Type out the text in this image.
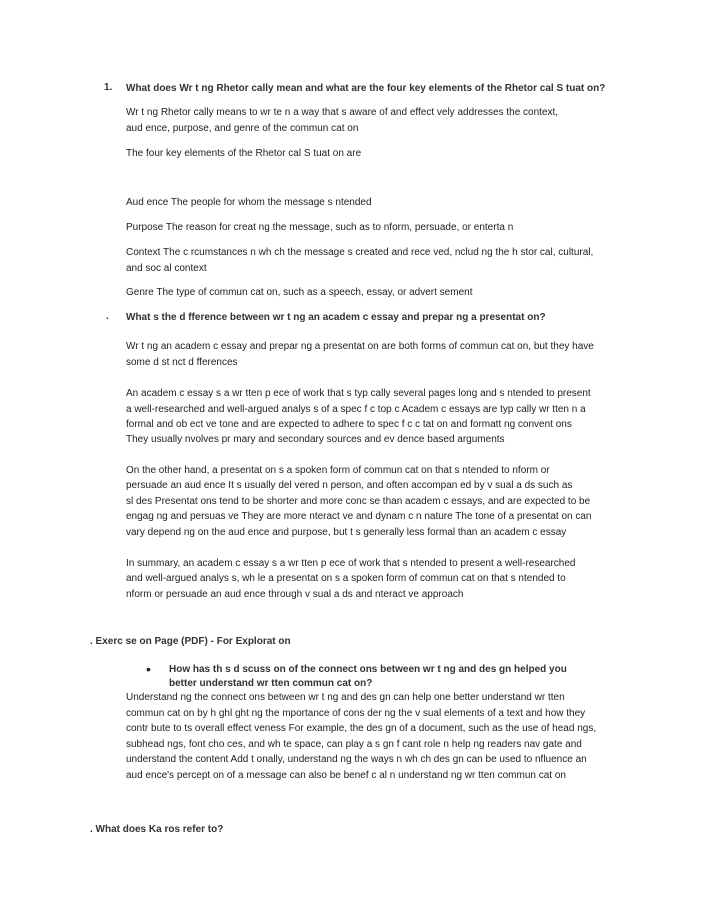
1. What does Wr t ng Rhetor cally mean and what are the four key elements of the Rhetor cal S tuat on?
Wr t ng Rhetor cally means to wr te n a way that s aware of and effect vely addresses the context,
aud ence, purpose, and genre of the commun cat on
The four key elements of the Rhetor cal S tuat on are
Aud ence The people for whom the message s ntended
Purpose The reason for creat ng the message, such as to nform, persuade, or enterta n
Context The c rcumstances n wh ch the message s created and rece ved, nclud ng the h stor cal, cultural,
and soc al context
Genre The type of commun cat on, such as a speech, essay, or advert sement
. What s the d fference between wr t ng an academ c essay and prepar ng a presentat on?
Wr t ng an academ c essay and prepar ng a presentat on are both forms of commun cat on, but they have
some d st nct d fferences
An academ c essay s a wr tten p ece of work that s typ cally several pages long and s ntended to present
a well-researched and well-argued analys s of a spec f c top c Academ c essays are typ cally wr tten n a
formal and ob ect ve tone and are expected to adhere to spec f c c tat on and formatt ng convent ons
They usually nvolves pr mary and secondary sources and ev dence based arguments
On the other hand, a presentat on s a spoken form of commun cat on that s ntended to nform or
persuade an aud ence It s usually del vered n person, and often accompan ed by v sual a ds such as
sl des Presentat ons tend to be shorter and more conc se than academ c essays, and are expected to be
engag ng and persuas ve They are more nteract ve and dynam c n nature The tone of a presentat on can
vary depend ng on the aud ence and purpose, but t s generally less formal than an academ c essay
In summary, an academ c essay s a wr tten p ece of work that s ntended to present a well-researched
and well-argued analys s, wh le a presentat on s a spoken form of commun cat on that s ntended to
nform or persuade an aud ence through v sual a ds and nteract ve approach
. Exerc se on Page (PDF) - For Explorat on
• How has th s d scuss on of the connect ons between wr t ng and des gn helped you
better understand wr tten commun cat on?
Understand ng the connect ons between wr t ng and des gn can help one better understand wr tten
commun cat on by h ghl ght ng the mportance of cons der ng the v sual elements of a text and how they
contr bute to ts overall effect veness For example, the des gn of a document, such as the use of head ngs,
subhead ngs, font cho ces, and wh te space, can play a s gn f cant role n help ng readers nav gate and
understand the content Add t onally, understand ng the ways n wh ch des gn can be used to nfluence an
aud ence's percept on of a message can also be benef c al n understand ng wr tten commun cat on
. What does Ka ros refer to?
